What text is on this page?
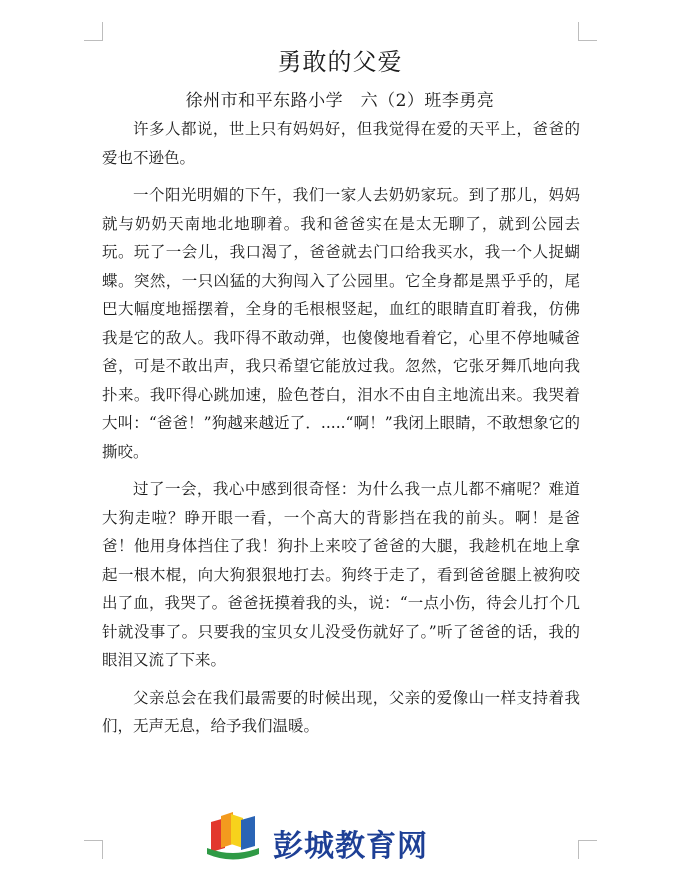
勇敢的父爱
徐州市和平东路小学　六（2）班李勇亮

许多人都说，世上只有妈妈好，但我觉得在爱的天平上，爸爸的爱也不逊色。

一个阳光明媚的下午，我们一家人去奶奶家玩。到了那儿，妈妈就与奶奶天南地北地聊着。我和爸爸实在是太无聊了，就到公园去玩。玩了一会儿，我口渴了，爸爸就去门口给我买水，我一个人捉蝴蝶。突然，一只凶猛的大狗闯入了公园里。它全身都是黑乎乎的，尾巴大幅度地摇摆着，全身的毛根根竖起，血红的眼睛直盯着我，仿佛我是它的敌人。我吓得不敢动弹，也傻傻地看着它，心里不停地喊爸爸，可是不敢出声，我只希望它能放过我。忽然，它张牙舞爪地向我扑来。我吓得心跳加速，脸色苍白，泪水不由自主地流出来。我哭着大叫：“爸爸！”狗越来越近了．.....“啊！”我闭上眼睛，不敢想象它的撕咬。

过了一会，我心中感到很奇怪：为什么我一点儿都不痛呢？难道大狗走啦？睁开眼一看，一个高大的背影挡在我的前头。啊！是爸爸！他用身体挡住了我！狗扑上来咬了爸爸的大腿，我趁机在地上拿起一根木棍，向大狗狠狠地打去。狗终于走了，看到爸爸腿上被狗咬出了血，我哭了。爸爸抚摸着我的头，说：“一点小伤，待会儿打个几针就没事了。只要我的宝贝女儿没受伤就好了。”听了爸爸的话，我的眼泪又流了下来。

父亲总会在我们最需要的时候出现，父亲的爱像山一样支持着我们，无声无息，给予我们温暖。

彭城教育网
